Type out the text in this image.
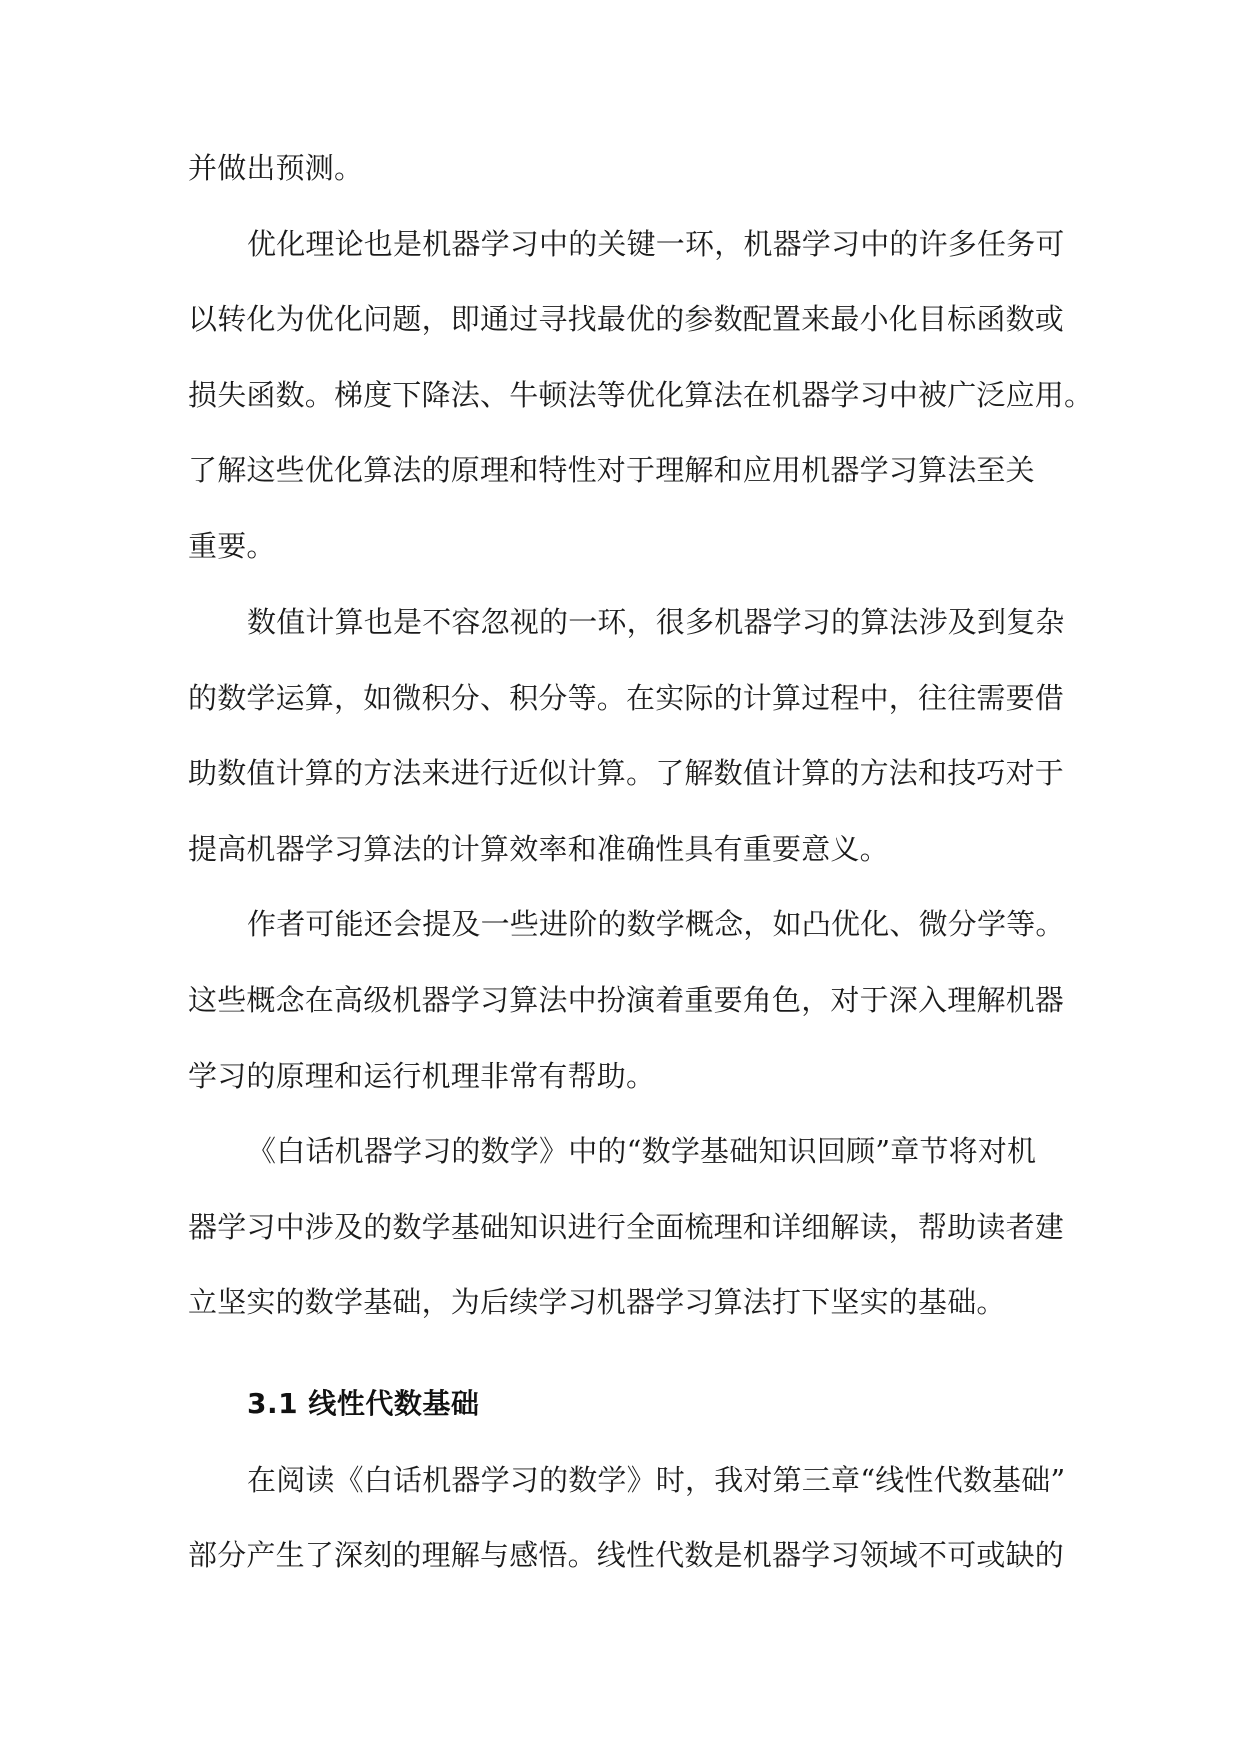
并做出预测。
优化理论也是机器学习中的关键一环，机器学习中的许多任务可
以转化为优化问题，即通过寻找最优的参数配置来最小化目标函数或
损失函数。梯度下降法、牛顿法等优化算法在机器学习中被广泛应用。
了解这些优化算法的原理和特性对于理解和应用机器学习算法至关
重要。
数值计算也是不容忽视的一环，很多机器学习的算法涉及到复杂
的数学运算，如微积分、积分等。在实际的计算过程中，往往需要借
助数值计算的方法来进行近似计算。了解数值计算的方法和技巧对于
提高机器学习算法的计算效率和准确性具有重要意义。
作者可能还会提及一些进阶的数学概念，如凸优化、微分学等。
这些概念在高级机器学习算法中扮演着重要角色，对于深入理解机器
学习的原理和运行机理非常有帮助。
《白话机器学习的数学》中的“数学基础知识回顾”章节将对机
器学习中涉及的数学基础知识进行全面梳理和详细解读，帮助读者建
立坚实的数学基础，为后续学习机器学习算法打下坚实的基础。
3.1 线性代数基础
在阅读《白话机器学习的数学》时，我对第三章“线性代数基础”
部分产生了深刻的理解与感悟。线性代数是机器学习领域不可或缺的
